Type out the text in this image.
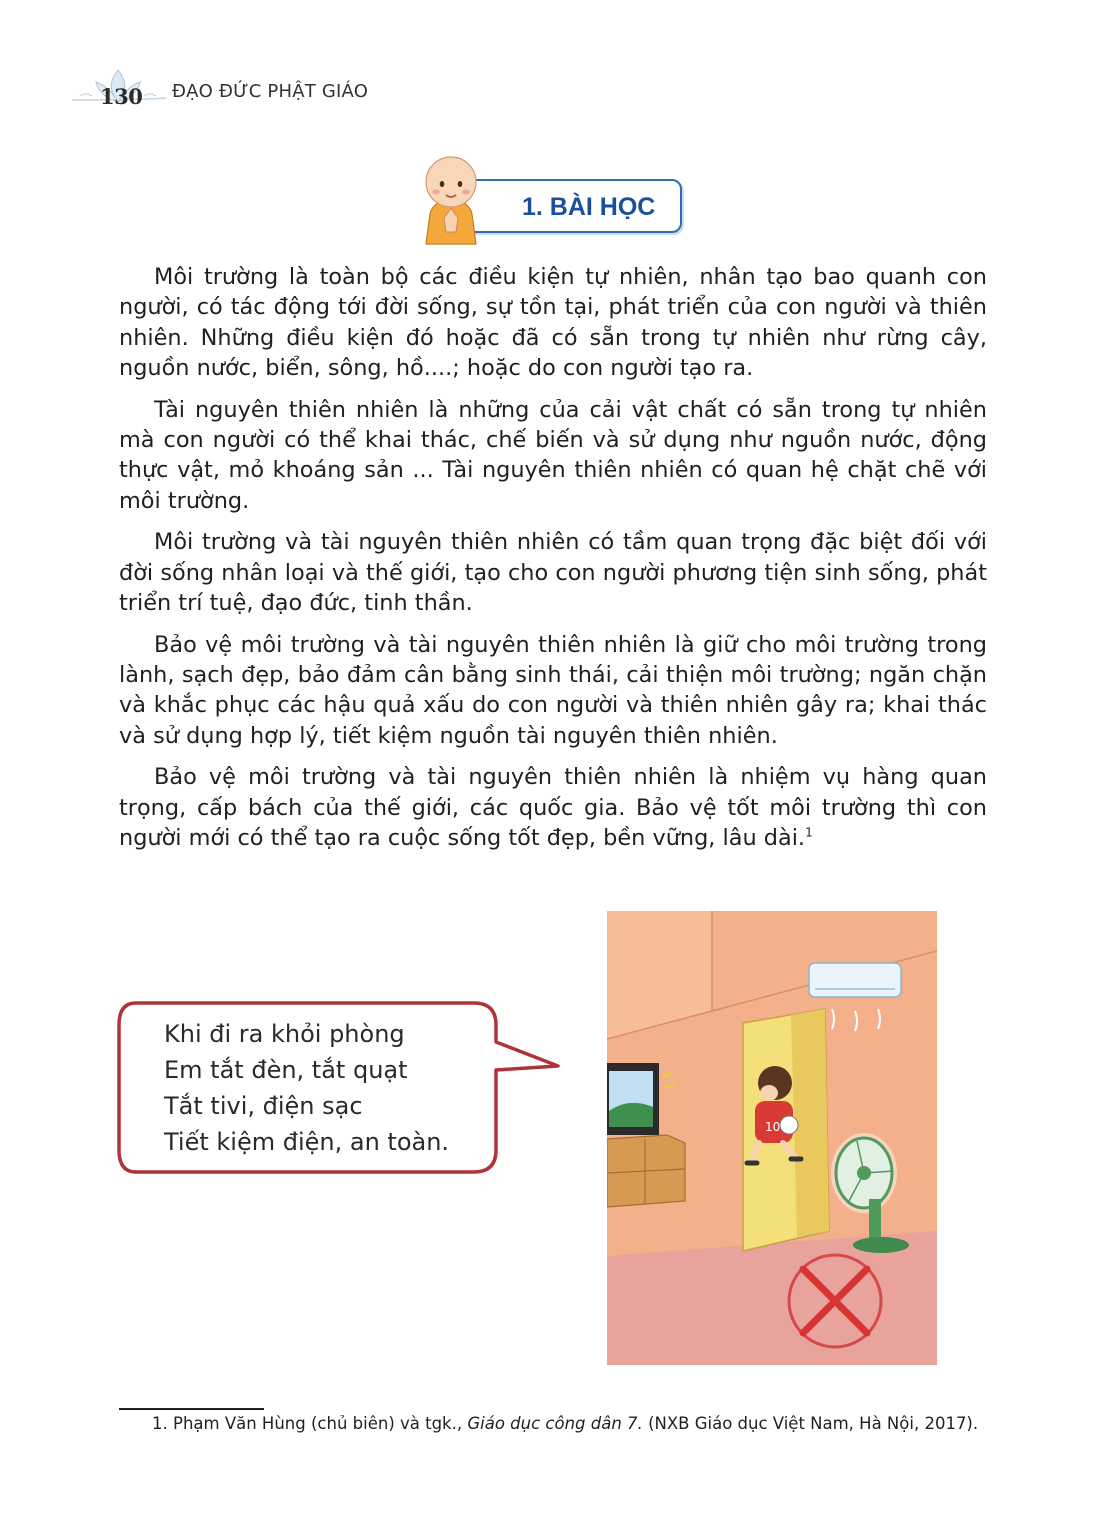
130 ĐẠO ĐỨC PHẬT GIÁO
1. BÀI HỌC

Môi trường là toàn bộ các điều kiện tự nhiên, nhân tạo bao quanh con người, có tác động tới đời sống, sự tồn tại, phát triển của con người và thiên nhiên. Những điều kiện đó hoặc đã có sẵn trong tự nhiên như rừng cây, nguồn nước, biển, sông, hồ....; hoặc do con người tạo ra.

Tài nguyên thiên nhiên là những của cải vật chất có sẵn trong tự nhiên mà con người có thể khai thác, chế biến và sử dụng như nguồn nước, động thực vật, mỏ khoáng sản ... Tài nguyên thiên nhiên có quan hệ chặt chẽ với môi trường.

Môi trường và tài nguyên thiên nhiên có tầm quan trọng đặc biệt đối với đời sống nhân loại và thế giới, tạo cho con người phương tiện sinh sống, phát triển trí tuệ, đạo đức, tinh thần.

Bảo vệ môi trường và tài nguyên thiên nhiên là giữ cho môi trường trong lành, sạch đẹp, bảo đảm cân bằng sinh thái, cải thiện môi trường; ngăn chặn và khắc phục các hậu quả xấu do con người và thiên nhiên gây ra; khai thác và sử dụng hợp lý, tiết kiệm nguồn tài nguyên thiên nhiên.

Bảo vệ môi trường và tài nguyên thiên nhiên là nhiệm vụ hàng quan trọng, cấp bách của thế giới, các quốc gia. Bảo vệ tốt môi trường thì con người mới có thể tạo ra cuộc sống tốt đẹp, bền vững, lâu dài.$^1$

Khi đi ra khỏi phòng
Em tắt đèn, tắt quạt
Tắt tivi, điện sạc
Tiết kiệm điện, an toàn.
10
1. Phạm Văn Hùng (chủ biên) và tgk., Giáo dục công dân 7. (NXB Giáo dục Việt Nam, Hà Nội, 2017).
